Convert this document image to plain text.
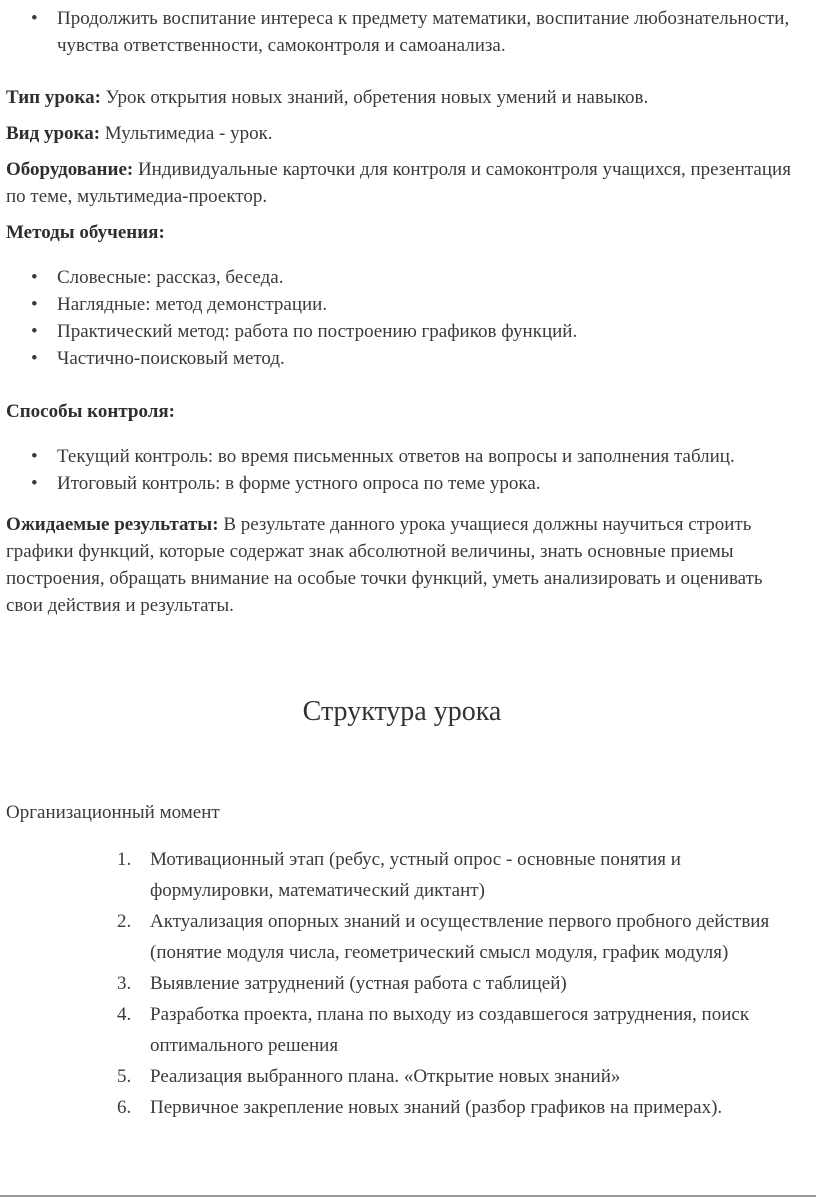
• Продолжить воспитание интереса к предмету математики, воспитание любознательности, чувства ответственности, самоконтроля и самоанализа.

Тип урока: Урок открытия новых знаний, обретения новых умений и навыков.

Вид урока: Мультимедиа - урок.

Оборудование: Индивидуальные карточки для контроля и самоконтроля учащихся, презентация по теме, мультимедиа-проектор.

Методы обучения:

• Словесные: рассказ, беседа.
• Наглядные: метод демонстрации.
• Практический метод: работа по построению графиков функций.
• Частично-поисковый метод.

Способы контроля:

• Текущий контроль: во время письменных ответов на вопросы и заполнения таблиц.
• Итоговый контроль: в форме устного опроса по теме урока.

Ожидаемые результаты: В результате данного урока учащиеся должны научиться строить графики функций, которые содержат знак абсолютной величины, знать основные приемы построения, обращать внимание на особые точки функций, уметь анализировать и оценивать свои действия и результаты.

Структура урока

Организационный момент

Мотивационный этап (ребус, устный опрос - основные понятия и формулировки, математический диктант)
Актуализация опорных знаний и осуществление первого пробного действия (понятие модуля числа, геометрический смысл модуля, график модуля)
Выявление затруднений (устная работа с таблицей)
Разработка проекта, плана по выходу из создавшегося затруднения, поиск оптимального решения
Реализация выбранного плана. «Открытие новых знаний»
Первичное закрепление новых знаний (разбор графиков на примерах).
